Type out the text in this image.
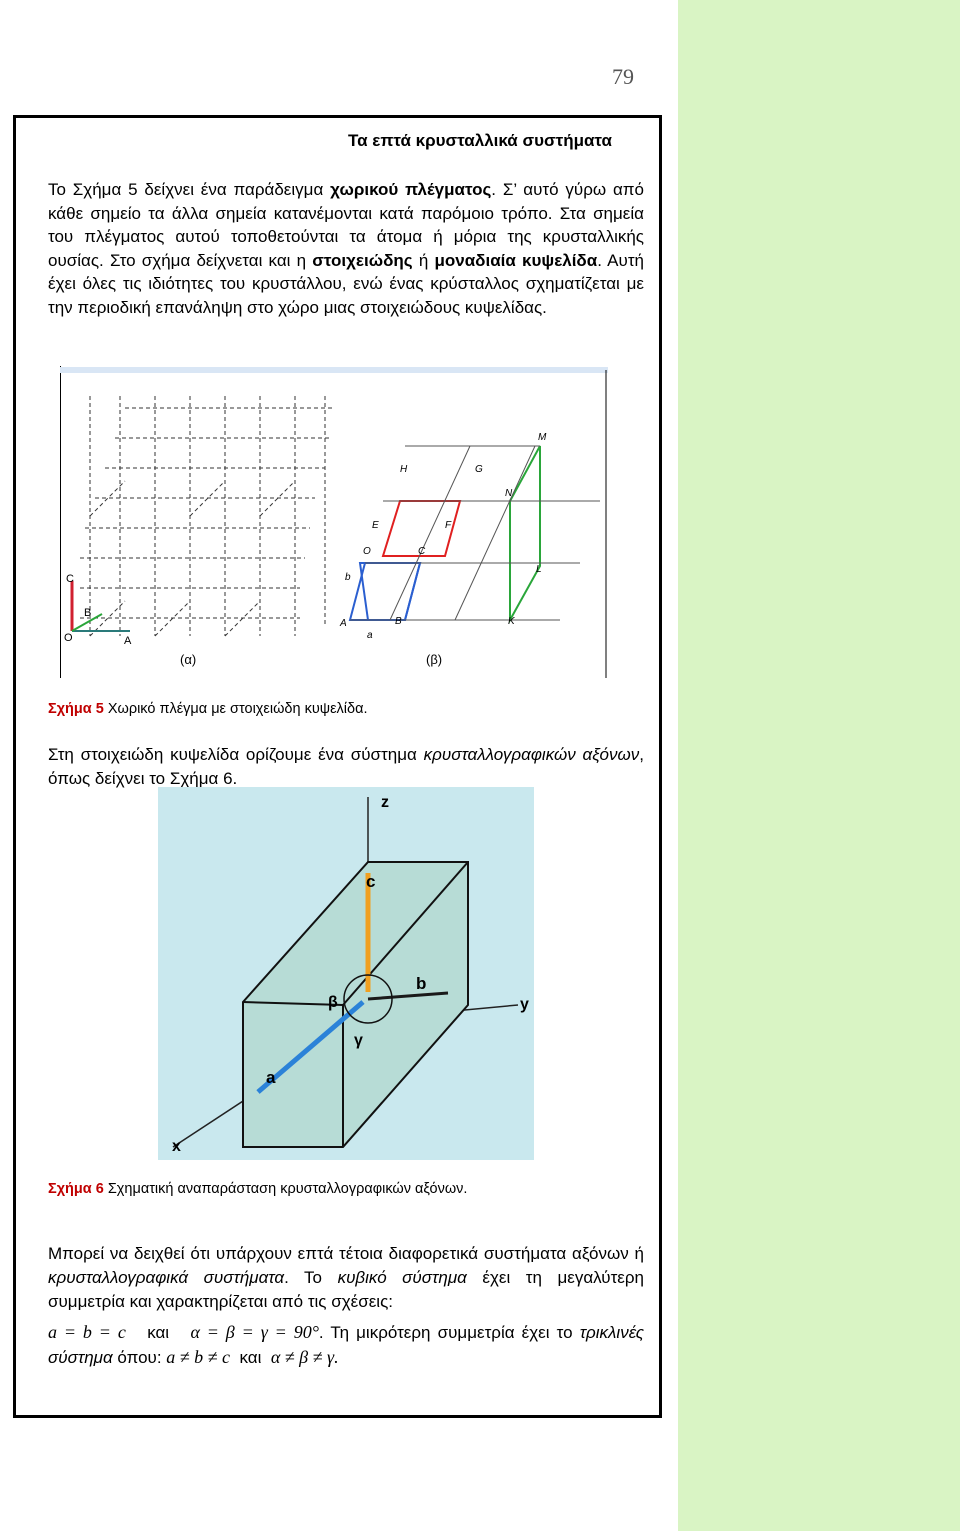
79
Τα επτά κρυσταλλικά συστήματα
Το Σχήμα 5 δείχνει ένα παράδειγμα χωρικού πλέγματος. Σ’ αυτό γύρω από κάθε σημείο τα άλλα σημεία κατανέμονται κατά παρόμοιο τρόπο. Στα σημεία του πλέγματος αυτού τοποθετούνται τα άτομα ή μόρια της κρυσταλλικής ουσίας. Στο σχήμα δείχνεται και η στοιχειώδης ή μοναδιαία κυψελίδα. Αυτή έχει όλες τις ιδιότητες του κρυστάλλου, ενώ ένας κρύσταλλος σχηματίζεται με την περιοδική επανάληψη στο χώρο μιας στοιχειώδους κυψελίδας.
C
B
O	A
(α)
H	G
M
N
E	F
O	C
L
A	B	K
b
a
(β)
Σχήμα 5 Χωρικό πλέγμα με στοιχειώδη κυψελίδα.
Στη στοιχειώδη κυψελίδα ορίζουμε ένα σύστημα κρυσταλλογραφικών αξόνων, όπως δείχνει το Σχήμα 6.
z
y
x
c
b
a
β
γ
Σχήμα 6 Σχηματική αναπαράσταση κρυσταλλογραφικών αξόνων.
Μπορεί να δειχθεί ότι υπάρχουν επτά τέτοια διαφορετικά συστήματα αξόνων ή κρυσταλλογραφικά συστήματα. Το κυβικό σύστημα έχει τη μεγαλύτερη συμμετρία και χαρακτηρίζεται από τις σχέσεις:
a = b = c και α = β = γ = 90°. Τη μικρότερη συμμετρία έχει το τρικλινές σύστημα όπου: a ≠ b ≠ c και α ≠ β ≠ γ.
